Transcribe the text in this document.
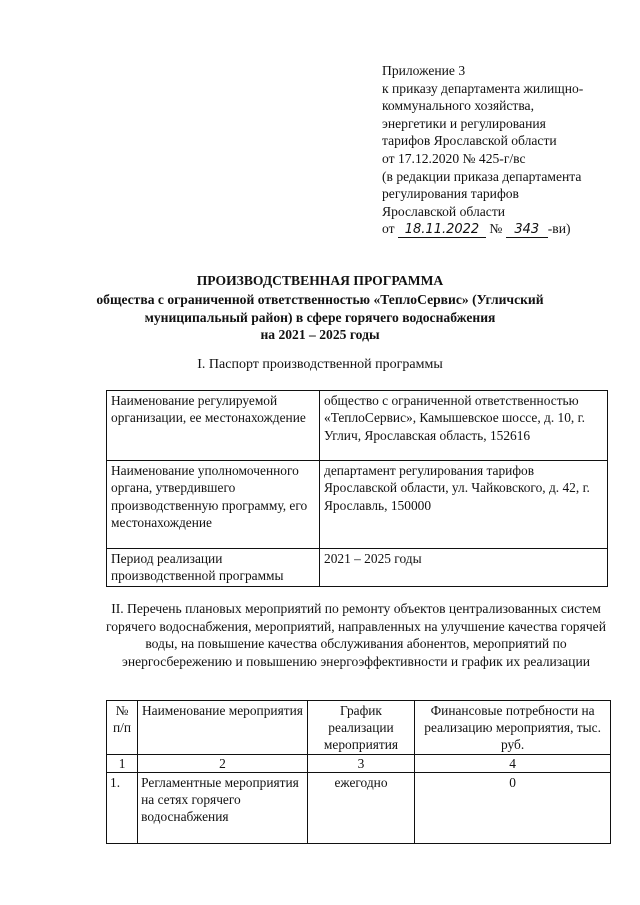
Приложение 3
к приказу департамента жилищно-
коммунального хозяйства,
энергетики и регулирования
тарифов Ярославской области
от 17.12.2020 № 425-г/вс
(в редакции приказа департамента
регулирования тарифов
Ярославской области
от 18.11.2022 № 343 -ви)
ПРОИЗВОДСТВЕННАЯ ПРОГРАММА
общества с ограниченной ответственностью «ТеплоСервис» (Угличский
муниципальный район) в сфере горячего водоснабжения
на 2021 – 2025 годы
I. Паспорт производственной программы
Наименование регулируемой организации, ее местонахождение	общество с ограниченной ответственностью «ТеплоСервис», Камышевское шоссе, д. 10, г. Углич, Ярославская область, 152616
Наименование уполномоченного органа, утвердившего производственную программу, его местонахождение	департамент регулирования тарифов Ярославской области, ул. Чайковского, д. 42, г. Ярославль, 150000
Период реализации производственной программы	2021 – 2025 годы
II. Перечень плановых мероприятий по ремонту объектов централизованных систем горячего водоснабжения, мероприятий, направленных на улучшение качества горячей воды, на повышение качества обслуживания абонентов, мероприятий по энергосбережению и повышению энергоэффективности и график их реализации
№ п/п	Наименование мероприятия	График реализации мероприятия	Финансовые потребности на реализацию мероприятия, тыс. руб.
1	2	3	4
1.	Регламентные мероприятия на сетях горячего водоснабжения	ежегодно	0
